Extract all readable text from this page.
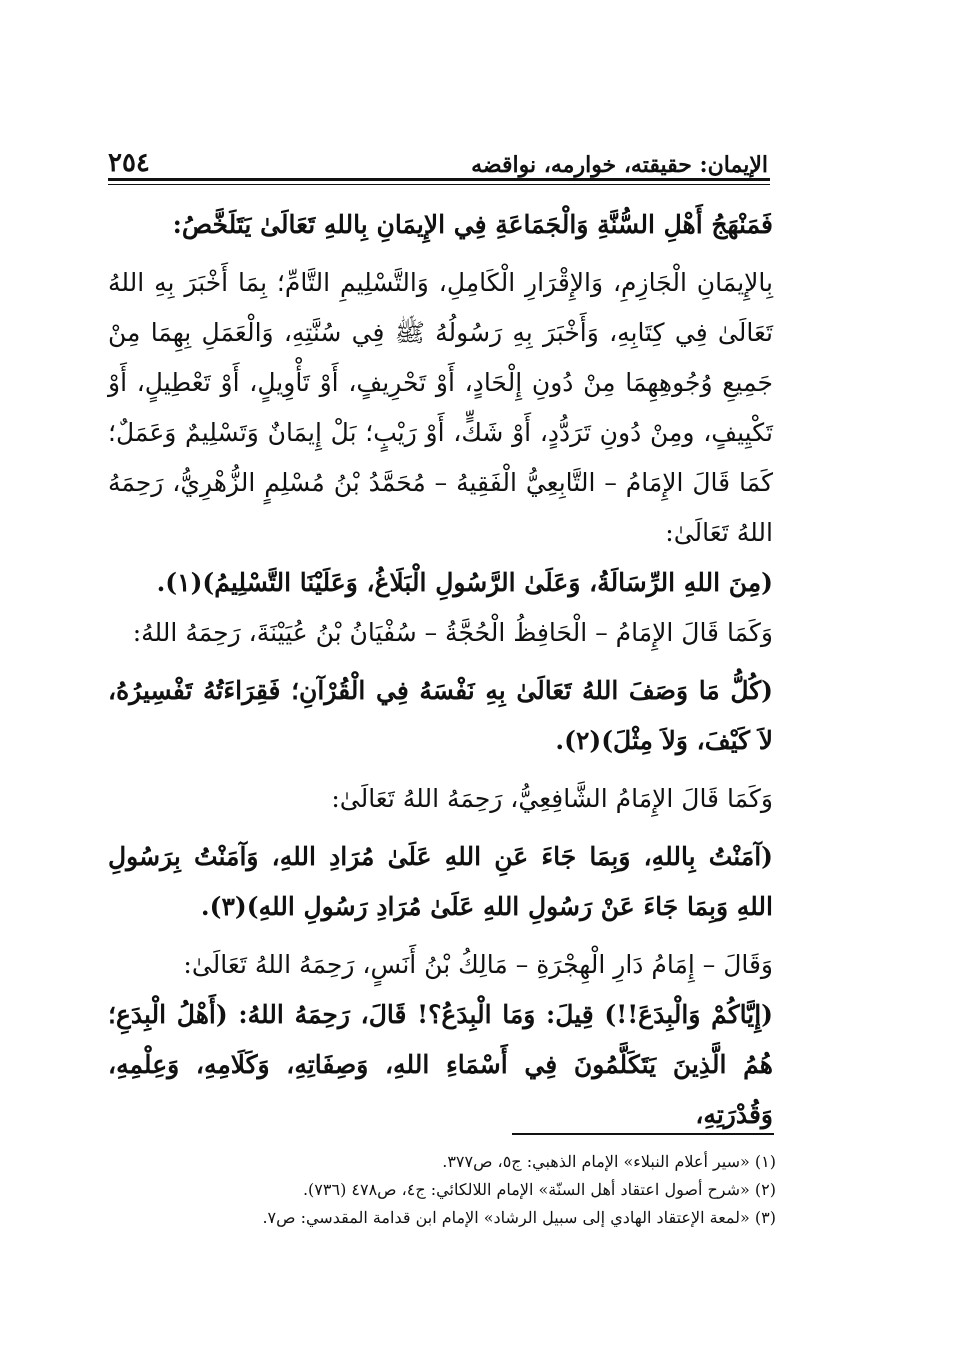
٢٥٤	الإيمان: حقيقته، خوارمه، نواقضه

فَمَنْهَجُ أَهْلِ السُّنَّةِ وَالْجَمَاعَةِ فِي الإِيمَانِ بِاللهِ تَعَالَىٰ يَتَلَخَّصُ:

بِالإِيمَانِ الْجَازِمِ، وَالإِقْرَارِ الْكَامِلِ، وَالتَّسْلِيمِ التَّامِّ؛ بِمَا أَخْبَرَ بِهِ اللهُ تَعَالَىٰ فِي كِتَابِهِ، وَأَخْبَرَ بِهِ رَسُولُهُ ﷺ فِي سُنَّتِهِ، وَالْعَمَلِ بِهِمَا مِنْ جَمِيعِ وُجُوهِهِمَا مِنْ دُونِ إِلْحَادٍ، أَوْ تَحْرِيفٍ، أَوْ تَأْوِيلٍ، أَوْ تَعْطِيلٍ، أَوْ تَكْيِيفٍ، ومِنْ دُونِ تَرَدُّدٍ، أَوْ شَكٍّ، أَوْ رَيْبٍ؛ بَلْ إِيمَانٌ وَتَسْلِيمٌ وَعَمَلٌ؛ كَمَا قَالَ الإِمَامُ – التَّابِعِيُّ الْفَقِيهُ – مُحَمَّدُ بْنُ مُسْلِمٍ الزُّهْرِيُّ، رَحِمَهُ اللهُ تَعَالَىٰ:

(مِنَ اللهِ الرِّسَالَةُ، وَعَلَىٰ الرَّسُولِ الْبَلَاغُ، وَعَلَيْنَا التَّسْلِيمُ)(١).

وَكَمَا قَالَ الإِمَامُ – الْحَافِظُ الْحُجَّةُ – سُفْيَانُ بْنُ عُيَيْنَةَ، رَحِمَهُ اللهُ:

(كُلُّ مَا وَصَفَ اللهُ تَعَالَىٰ بِهِ نَفْسَهُ فِي الْقُرْآنِ؛ فَقِرَاءَتُهُ تَفْسِيرُهُ، لاَ كَيْفَ، وَلاَ مِثْلَ)(٢).

وَكَمَا قَالَ الإِمَامُ الشَّافِعِيُّ، رَحِمَهُ اللهُ تَعَالَىٰ:

(آمَنْتُ بِاللهِ، وَبِمَا جَاءَ عَنِ اللهِ عَلَىٰ مُرَادِ اللهِ، وَآمَنْتُ بِرَسُولِ اللهِ وَبِمَا جَاءَ عَنْ رَسُولِ اللهِ عَلَىٰ مُرَادِ رَسُولِ اللهِ)(٣).

وَقَالَ – إِمَامُ دَارِ الْهِجْرَةِ – مَالِكُ بْنُ أَنَسٍ، رَحِمَهُ اللهُ تَعَالَىٰ:

(إِيَّاكُمْ وَالْبِدَعَ!!) قِيلَ: وَمَا الْبِدَعُ؟! قَالَ، رَحِمَهُ اللهُ: (أَهْلُ الْبِدَعِ؛ هُمُ الَّذِينَ يَتَكَلَّمُونَ فِي أَسْمَاءِ اللهِ، وَصِفَاتِهِ، وَكَلَامِهِ، وَعِلْمِهِ، وَقُدْرَتِهِ،

(١) «سير أعلام النبلاء» الإمام الذهبي: ج٥، ص٣٧٧.

(٢) «شرح أصول اعتقاد أهل السنّة» الإمام اللالكائي: ج٤، ص٤٧٨ (٧٣٦).

(٣) «لمعة الإعتقاد الهادي إلى سبيل الرشاد» الإمام ابن قدامة المقدسي: ص٧.
